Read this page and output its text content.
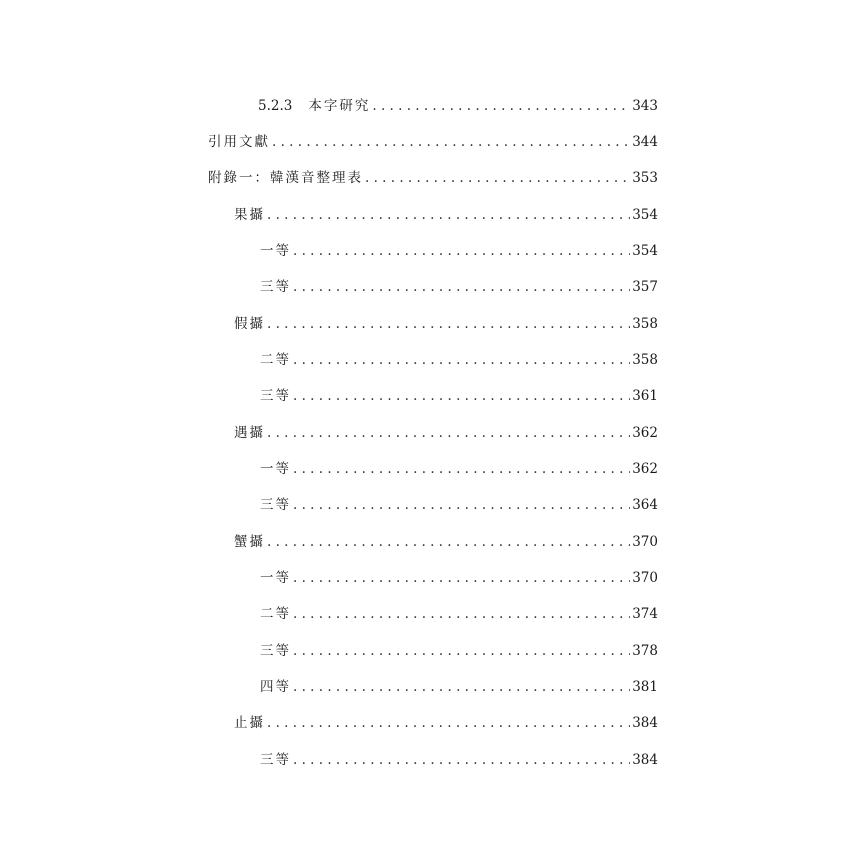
5.2.3 本字研究 . . .	343
引用文獻 . . .	344
附錄一：韓漢音整理表 . . .	353
果攝 . . .	354
一等 . . .	354
三等 . . .	357
假攝 . . .	358
二等 . . .	358
三等 . . .	361
遇攝 . . .	362
一等 . . .	362
三等 . . .	364
蟹攝 . . .	370
一等 . . .	370
二等 . . .	374
三等 . . .	378
四等 . . .	381
止攝 . . .	384
三等 . . .	384
